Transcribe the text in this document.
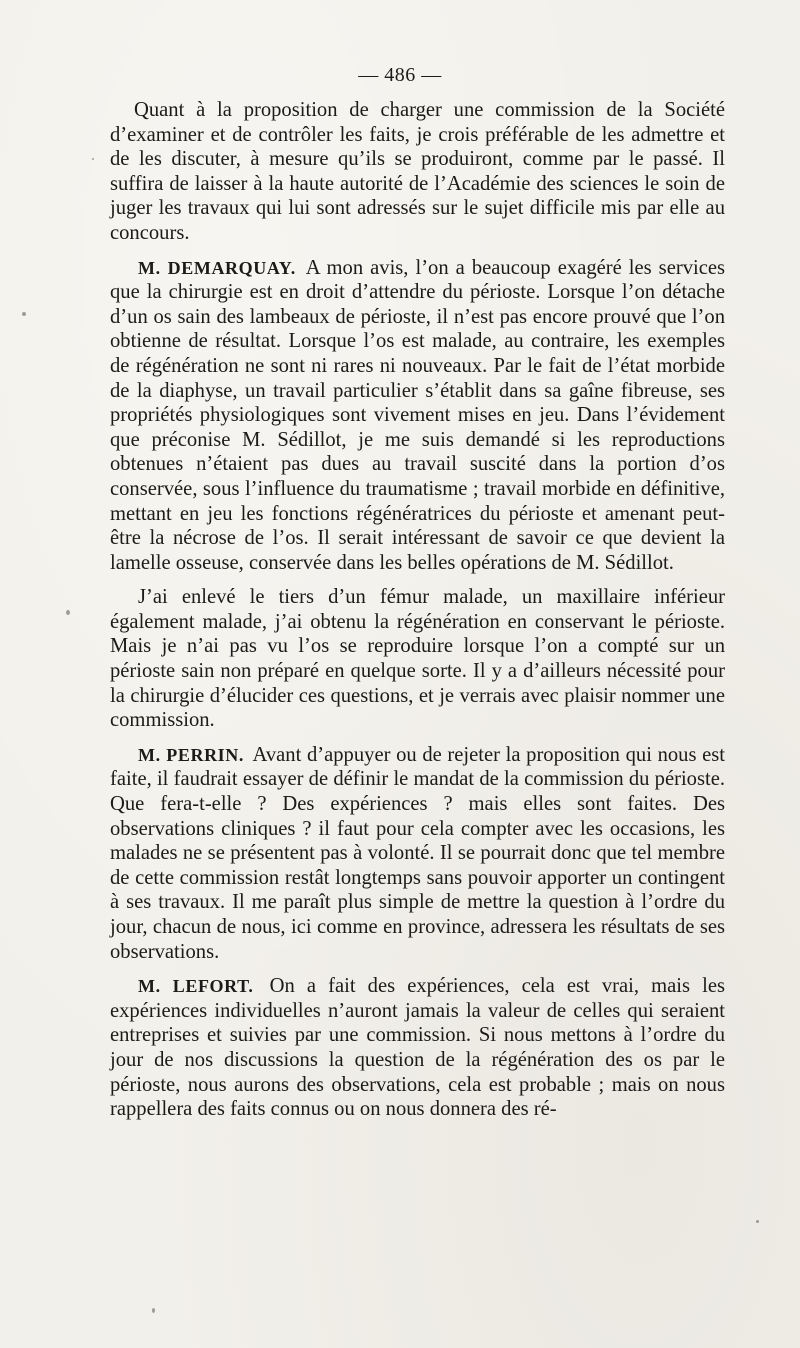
— 486 —

Quant à la proposition de charger une commission de la Société d’examiner et de contrôler les faits, je crois préférable de les admettre et de les discuter, à mesure qu’ils se produiront, comme par le passé. Il suffira de laisser à la haute autorité de l’Académie des sciences le soin de juger les travaux qui lui sont adressés sur le sujet difficile mis par elle au concours.

M. DEMARQUAY. A mon avis, l’on a beaucoup exagéré les services que la chirurgie est en droit d’attendre du périoste. Lorsque l’on détache d’un os sain des lambeaux de périoste, il n’est pas encore prouvé que l’on obtienne de résultat. Lorsque l’os est malade, au contraire, les exemples de régénération ne sont ni rares ni nouveaux. Par le fait de l’état morbide de la diaphyse, un travail particulier s’établit dans sa gaîne fibreuse, ses propriétés physiologiques sont vivement mises en jeu. Dans l’évidement que préconise M. Sédillot, je me suis demandé si les reproductions obtenues n’étaient pas dues au travail suscité dans la portion d’os conservée, sous l’influence du traumatisme ; travail morbide en définitive, mettant en jeu les fonctions régénératrices du périoste et amenant peut-être la nécrose de l’os. Il serait intéressant de savoir ce que devient la lamelle osseuse, conservée dans les belles opérations de M. Sédillot.

J’ai enlevé le tiers d’un fémur malade, un maxillaire inférieur également malade, j’ai obtenu la régénération en conservant le périoste. Mais je n’ai pas vu l’os se reproduire lorsque l’on a compté sur un périoste sain non préparé en quelque sorte. Il y a d’ailleurs nécessité pour la chirurgie d’élucider ces questions, et je verrais avec plaisir nommer une commission.

M. PERRIN. Avant d’appuyer ou de rejeter la proposition qui nous est faite, il faudrait essayer de définir le mandat de la commission du périoste. Que fera-t-elle ? Des expériences ? mais elles sont faites. Des observations cliniques ? il faut pour cela compter avec les occasions, les malades ne se présentent pas à volonté. Il se pourrait donc que tel membre de cette commission restât longtemps sans pouvoir apporter un contingent à ses travaux. Il me paraît plus simple de mettre la question à l’ordre du jour, chacun de nous, ici comme en province, adressera les résultats de ses observations.

M. LEFORT. On a fait des expériences, cela est vrai, mais les expériences individuelles n’auront jamais la valeur de celles qui seraient entreprises et suivies par une commission. Si nous mettons à l’ordre du jour de nos discussions la question de la régénération des os par le périoste, nous aurons des observations, cela est probable ; mais on nous rappellera des faits connus ou on nous donnera des ré-
